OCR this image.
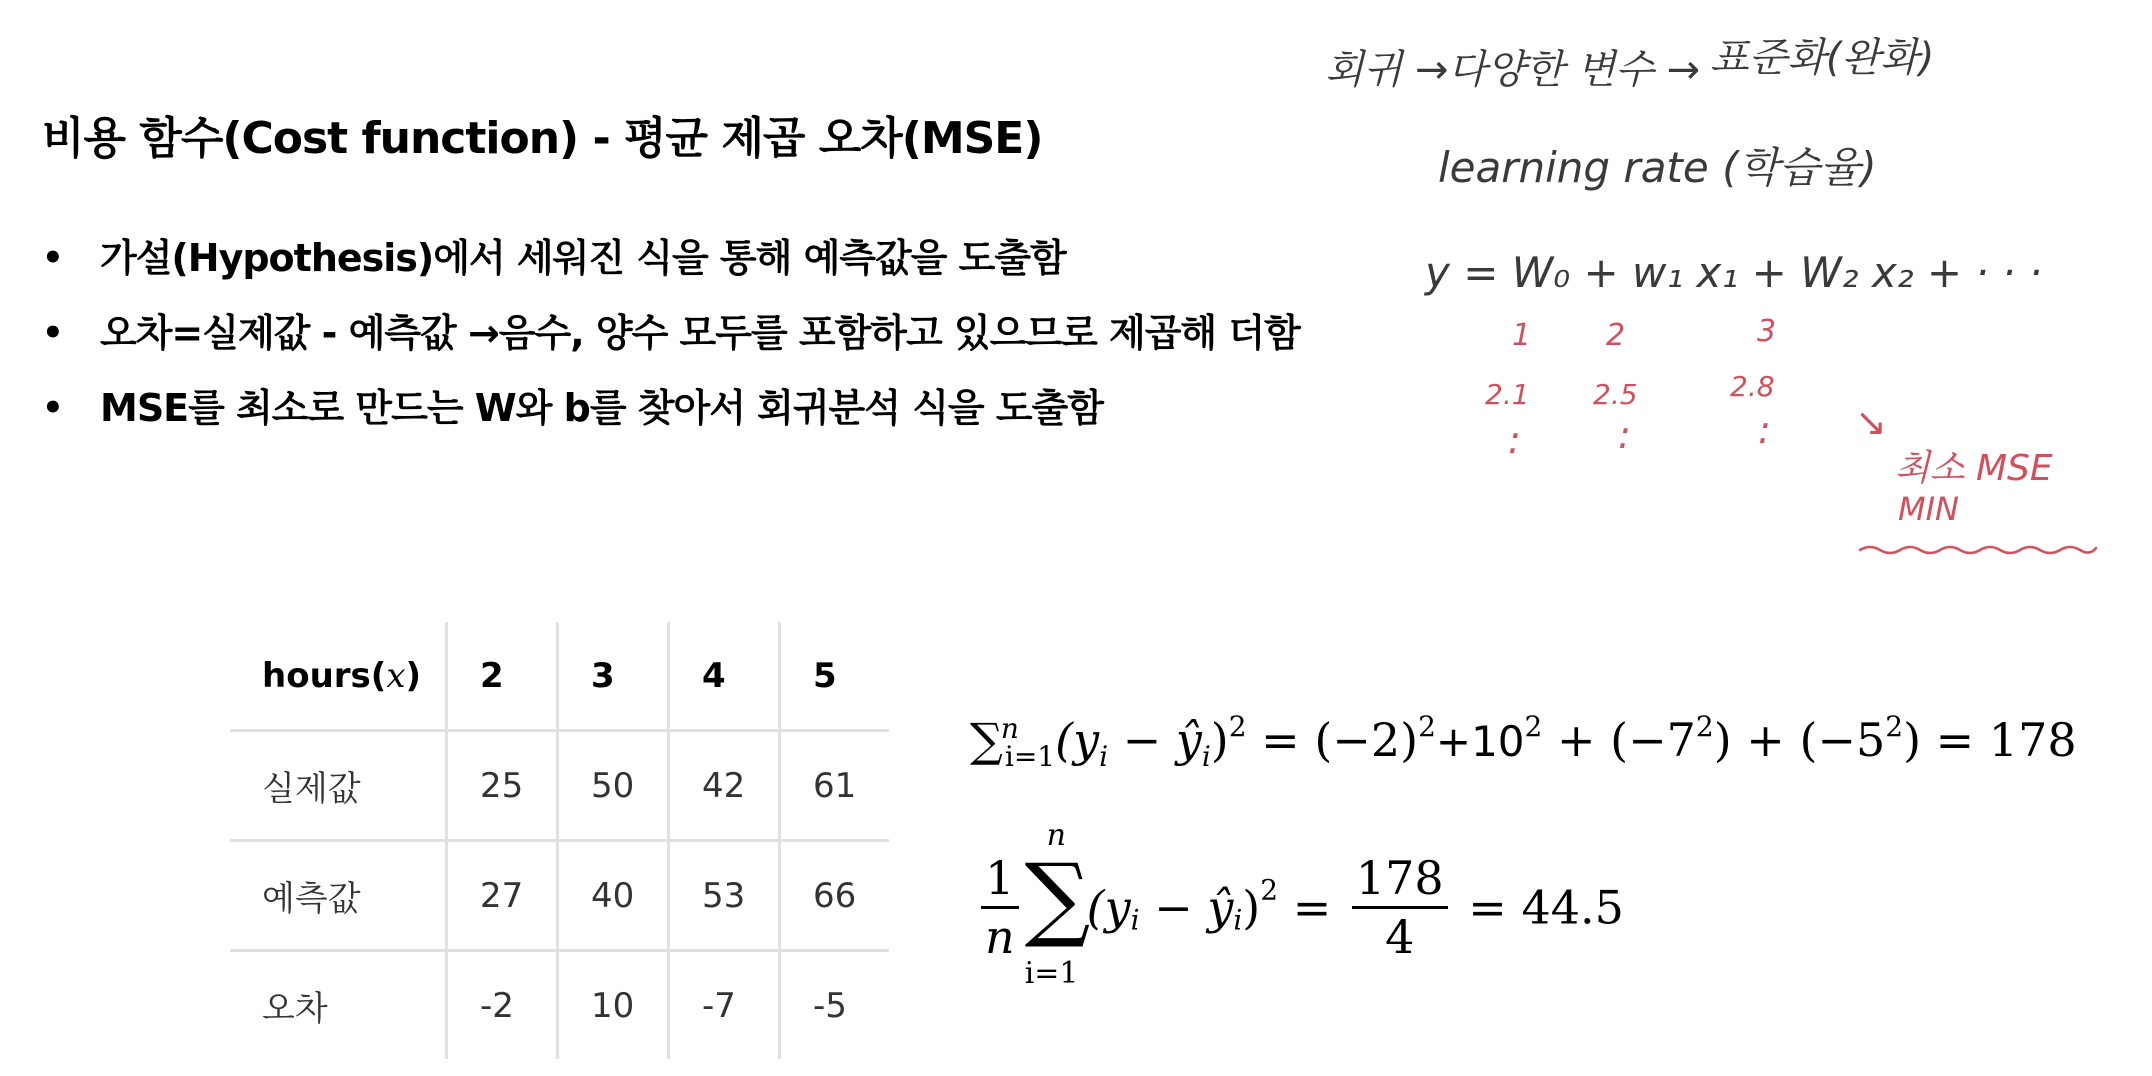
비용 함수(Cost function) - 평균 제곱 오차(MSE)
• 가설(Hypothesis)에서 세워진 식을 통해 예측값을 도출함
• 오차=실제값 - 예측값 →음수, 양수 모두를 포함하고 있으므로 제곱해 더함
• MSE를 최소로 만드는 W와 b를 찾아서 회귀분석 식을 도출함
hours(x)	2	3	4	5
실제값	25	50	42	61
예측값	27	40	53	66
오차	-2	10	-7	-5
$\sum^n_{i=1}(y_i$ − $ŷ_i)^2 = (-2)^2+10^2 + (-7^2) + (-5^2) = 178$
$\frac{1}{n}$ ∑
n
i=1
($y_i$ − $ŷ_i)^2 = \frac{178}{4} = 44.5$
회귀 → 다양한 변수 → 표준화(완화)
learning rate (학습율)
y = W₀ + w₁ x₁ + W₂ x₂ + · · ·
1 2	3
2.1 2.5	2.8
:	:	: ↘
최소 MSE
MIN
